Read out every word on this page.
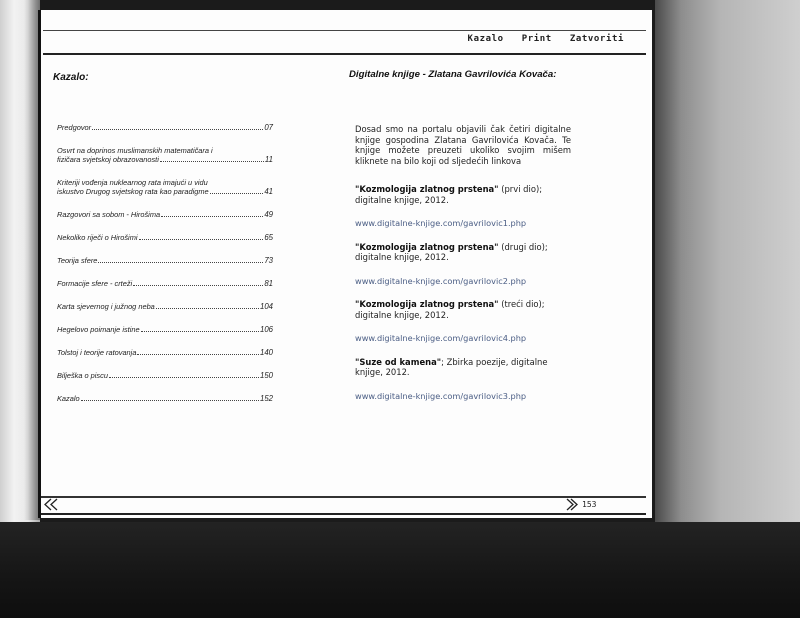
Kazalo Print Zatvoriti
Kazalo:
Predgovor	07
Osvrt na doprinos muslimanskih matematičara i
fizičara svjetskoj obrazovanosti	11
Kriteriji vođenja nuklearnog rata imajući u vidu
iskustvo Drugog svjetskog rata kao paradigme	41
Razgovori sa sobom - Hirošima	49
Nekoliko riječi o Hirošimi	65
Teorija sfere	73
Formacije sfere - crteži	81
Karta sjevernog i južnog neba	104
Hegelovo poimanje istine	106
Tolstoj i teorije ratovanja	140
Bilješka o piscu	150
Kazalo	152
Digitalne knjige - Zlatana Gavrilovića Kovača:

Dosad smo na portalu objavili čak četiri digitalne knjige gospodina Zlatana Gavrilovića Kovača. Te knjige možete preuzeti ukoliko svojim mišem kliknete na bilo koji od sljedećih linkova

"Kozmologija zlatnog prstena" (prvi dio); digitalne knjige, 2012.
www.digitalne-knjige.com/gavrilovic1.php
"Kozmologija zlatnog prstena" (drugi dio); digitalne knjige, 2012.
www.digitalne-knjige.com/gavrilovic2.php
"Kozmologija zlatnog prstena" (treći dio); digitalne knjige, 2012.
www.digitalne-knjige.com/gavrilovic4.php
"Suze od kamena"; Zbirka poezije, digitalne knjige, 2012.
www.digitalne-knjige.com/gavrilovic3.php
153
